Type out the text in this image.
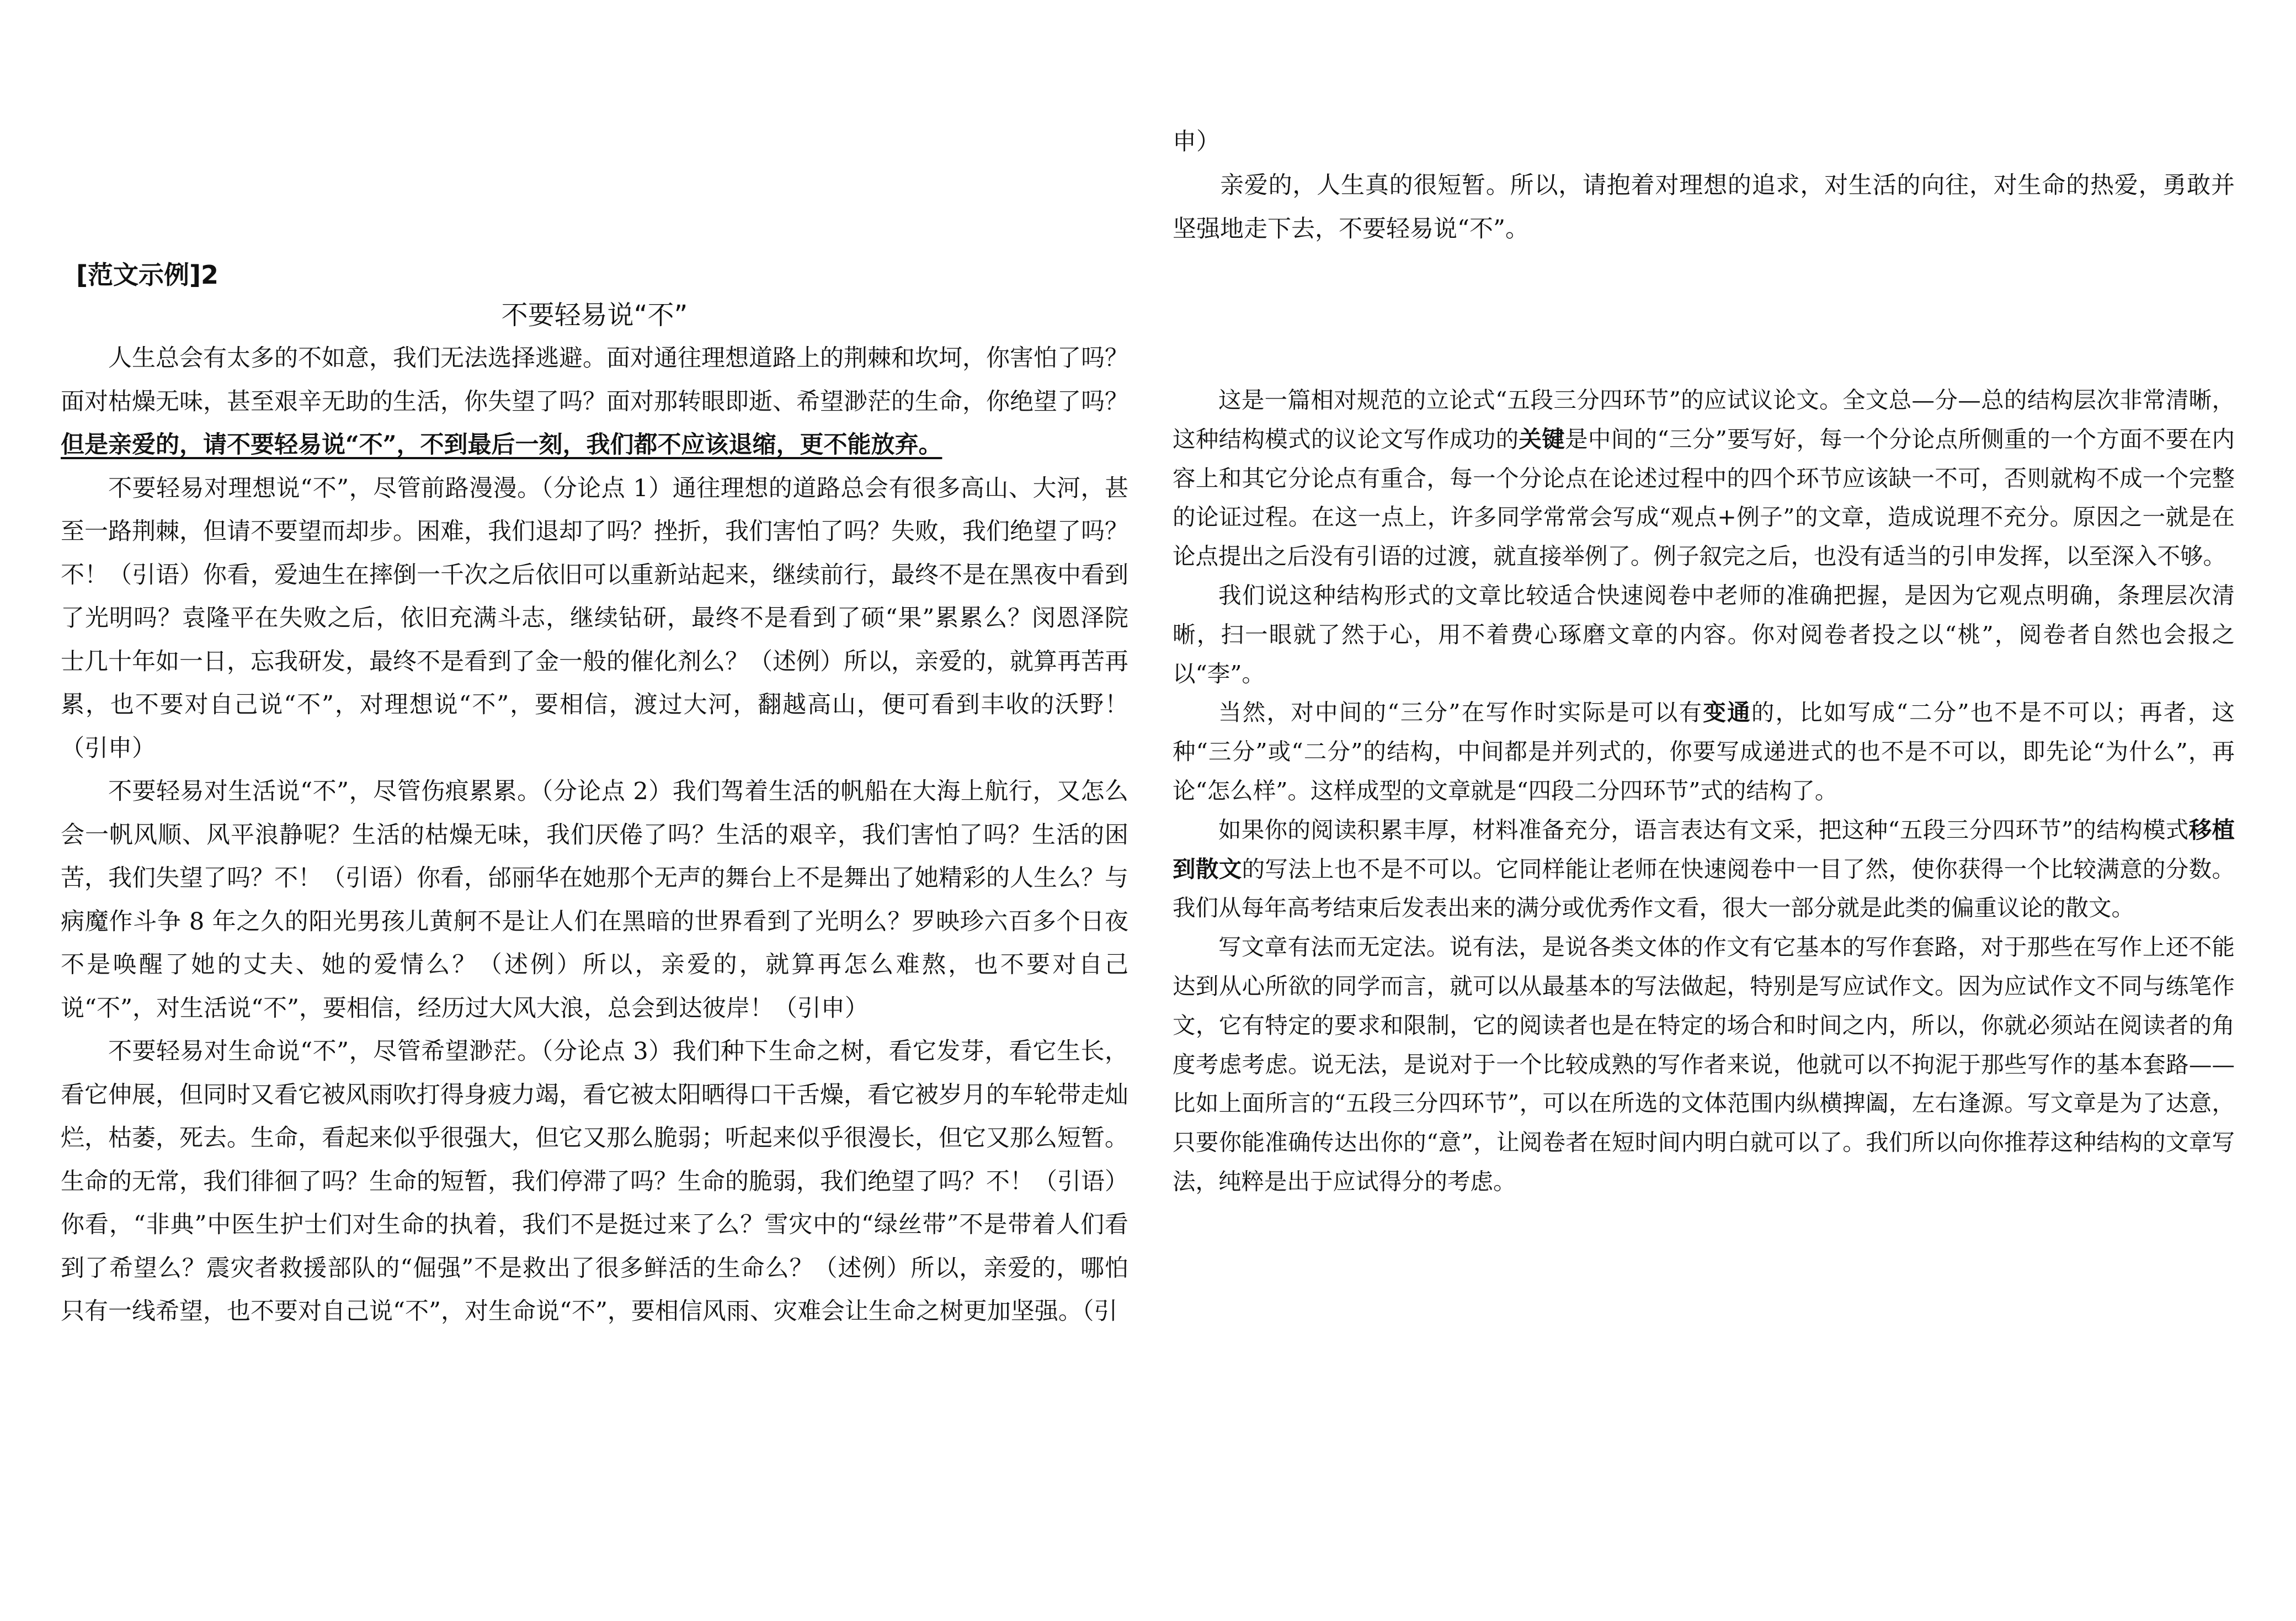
[范文示例]2
不要轻易说“不”

人生总会有太多的不如意，我们无法选择逃避。面对通往理想道路上的荆棘和坎坷，你害怕了吗？面对枯燥无味，甚至艰辛无助的生活，你失望了吗？面对那转眼即逝、希望渺茫的生命，你绝望了吗？但是亲爱的，请不要轻易说“不”，不到最后一刻，我们都不应该退缩，更不能放弃。

不要轻易对理想说“不”，尽管前路漫漫。（分论点 1）通往理想的道路总会有很多高山、大河，甚至一路荆棘，但请不要望而却步。困难，我们退却了吗？挫折，我们害怕了吗？失败，我们绝望了吗？不！（引语）你看，爱迪生在摔倒一千次之后依旧可以重新站起来，继续前行，最终不是在黑夜中看到了光明吗？袁隆平在失败之后，依旧充满斗志，继续钻研，最终不是看到了硕“果”累累么？闵恩泽院士几十年如一日，忘我研发，最终不是看到了金一般的催化剂么？（述例）所以，亲爱的，就算再苦再累，也不要对自己说“不”，对理想说“不”，要相信，渡过大河，翻越高山，便可看到丰收的沃野！（引申）

不要轻易对生活说“不”，尽管伤痕累累。（分论点 2）我们驾着生活的帆船在大海上航行，又怎么会一帆风顺、风平浪静呢？生活的枯燥无味，我们厌倦了吗？生活的艰辛，我们害怕了吗？生活的困苦，我们失望了吗？不！（引语）你看，邰丽华在她那个无声的舞台上不是舞出了她精彩的人生么？与病魔作斗争 8 年之久的阳光男孩儿黄舸不是让人们在黑暗的世界看到了光明么？罗映珍六百多个日夜不是唤醒了她的丈夫、她的爱情么？（述例）所以，亲爱的，就算再怎么难熬，也不要对自己说“不”，对生活说“不”，要相信，经历过大风大浪，总会到达彼岸！（引申）

不要轻易对生命说“不”，尽管希望渺茫。（分论点 3）我们种下生命之树，看它发芽，看它生长，看它伸展，但同时又看它被风雨吹打得身疲力竭，看它被太阳晒得口干舌燥，看它被岁月的车轮带走灿烂，枯萎，死去。生命，看起来似乎很强大，但它又那么脆弱；听起来似乎很漫长，但它又那么短暂。生命的无常，我们徘徊了吗？生命的短暂，我们停滞了吗？生命的脆弱，我们绝望了吗？不！（引语）你看，“非典”中医生护士们对生命的执着，我们不是挺过来了么？雪灾中的“绿丝带”不是带着人们看到了希望么？震灾者救援部队的“倔强”不是救出了很多鲜活的生命么？（述例）所以，亲爱的，哪怕只有一线希望，也不要对自己说“不”，对生命说“不”，要相信风雨、灾难会让生命之树更加坚强。（引

申）

亲爱的，人生真的很短暂。所以，请抱着对理想的追求，对生活的向往，对生命的热爱，勇敢并坚强地走下去，不要轻易说“不”。

这是一篇相对规范的立论式“五段三分四环节”的应试议论文。全文总—分—总的结构层次非常清晰，这种结构模式的议论文写作成功的关键是中间的“三分”要写好，每一个分论点所侧重的一个方面不要在内容上和其它分论点有重合，每一个分论点在论述过程中的四个环节应该缺一不可，否则就构不成一个完整的论证过程。在这一点上，许多同学常常会写成“观点+例子”的文章，造成说理不充分。原因之一就是在论点提出之后没有引语的过渡，就直接举例了。例子叙完之后，也没有适当的引申发挥，以至深入不够。

我们说这种结构形式的文章比较适合快速阅卷中老师的准确把握，是因为它观点明确，条理层次清晰，扫一眼就了然于心，用不着费心琢磨文章的内容。你对阅卷者投之以“桃”，阅卷者自然也会报之以“李”。

当然，对中间的“三分”在写作时实际是可以有变通的，比如写成“二分”也不是不可以；再者，这种“三分”或“二分”的结构，中间都是并列式的，你要写成递进式的也不是不可以，即先论“为什么”，再论“怎么样”。这样成型的文章就是“四段二分四环节”式的结构了。

如果你的阅读积累丰厚，材料准备充分，语言表达有文采，把这种“五段三分四环节”的结构模式移植到散文的写法上也不是不可以。它同样能让老师在快速阅卷中一目了然，使你获得一个比较满意的分数。我们从每年高考结束后发表出来的满分或优秀作文看，很大一部分就是此类的偏重议论的散文。

写文章有法而无定法。说有法，是说各类文体的作文有它基本的写作套路，对于那些在写作上还不能达到从心所欲的同学而言，就可以从最基本的写法做起，特别是写应试作文。因为应试作文不同与练笔作文，它有特定的要求和限制，它的阅读者也是在特定的场合和时间之内，所以，你就必须站在阅读者的角度考虑考虑。说无法，是说对于一个比较成熟的写作者来说，他就可以不拘泥于那些写作的基本套路——比如上面所言的“五段三分四环节”，可以在所选的文体范围内纵横捭阖，左右逢源。写文章是为了达意，只要你能准确传达出你的“意”，让阅卷者在短时间内明白就可以了。我们所以向你推荐这种结构的文章写法，纯粹是出于应试得分的考虑。
